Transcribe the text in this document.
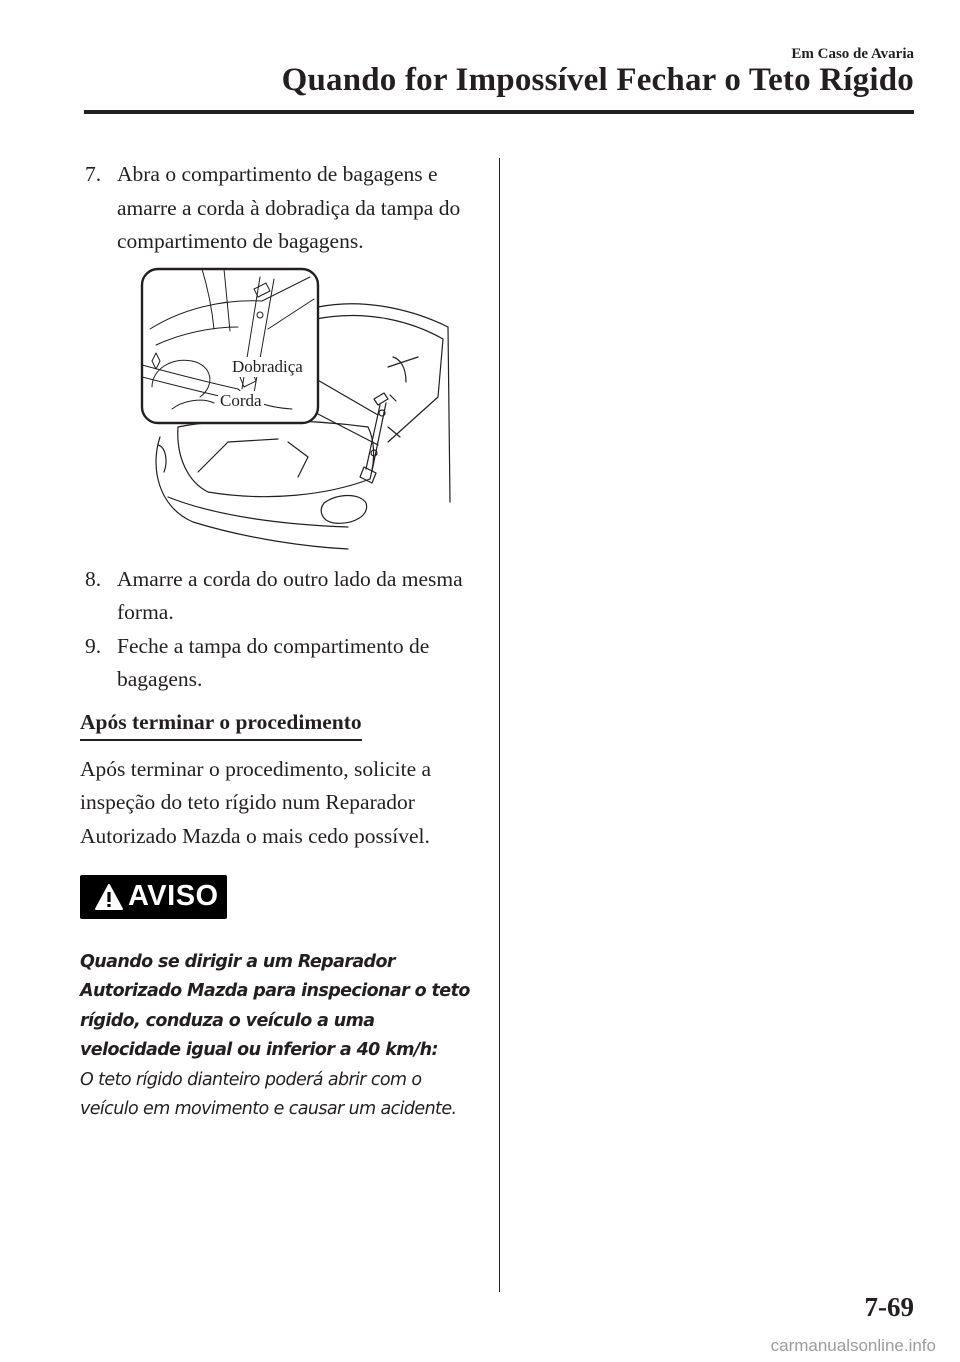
Em Caso de Avaria
Quando for Impossível Fechar o Teto Rígido
7. Abra o compartimento de bagagens e amarre a corda à dobradiça da tampa do compartimento de bagagens.
Dobradiça
Corda
8. Amarre a corda do outro lado da mesma forma.
9. Feche a tampa do compartimento de bagagens.
Após terminar o procedimento
Após terminar o procedimento, solicite a inspeção do teto rígido num Reparador Autorizado Mazda o mais cedo possível.
AVISO
Quando se dirigir a um Reparador Autorizado Mazda para inspecionar o teto rígido, conduza o veículo a uma velocidade igual ou inferior a 40 km/h:
O teto rígido dianteiro poderá abrir com o veículo em movimento e causar um acidente.
7-69
carmanualsonline.info
